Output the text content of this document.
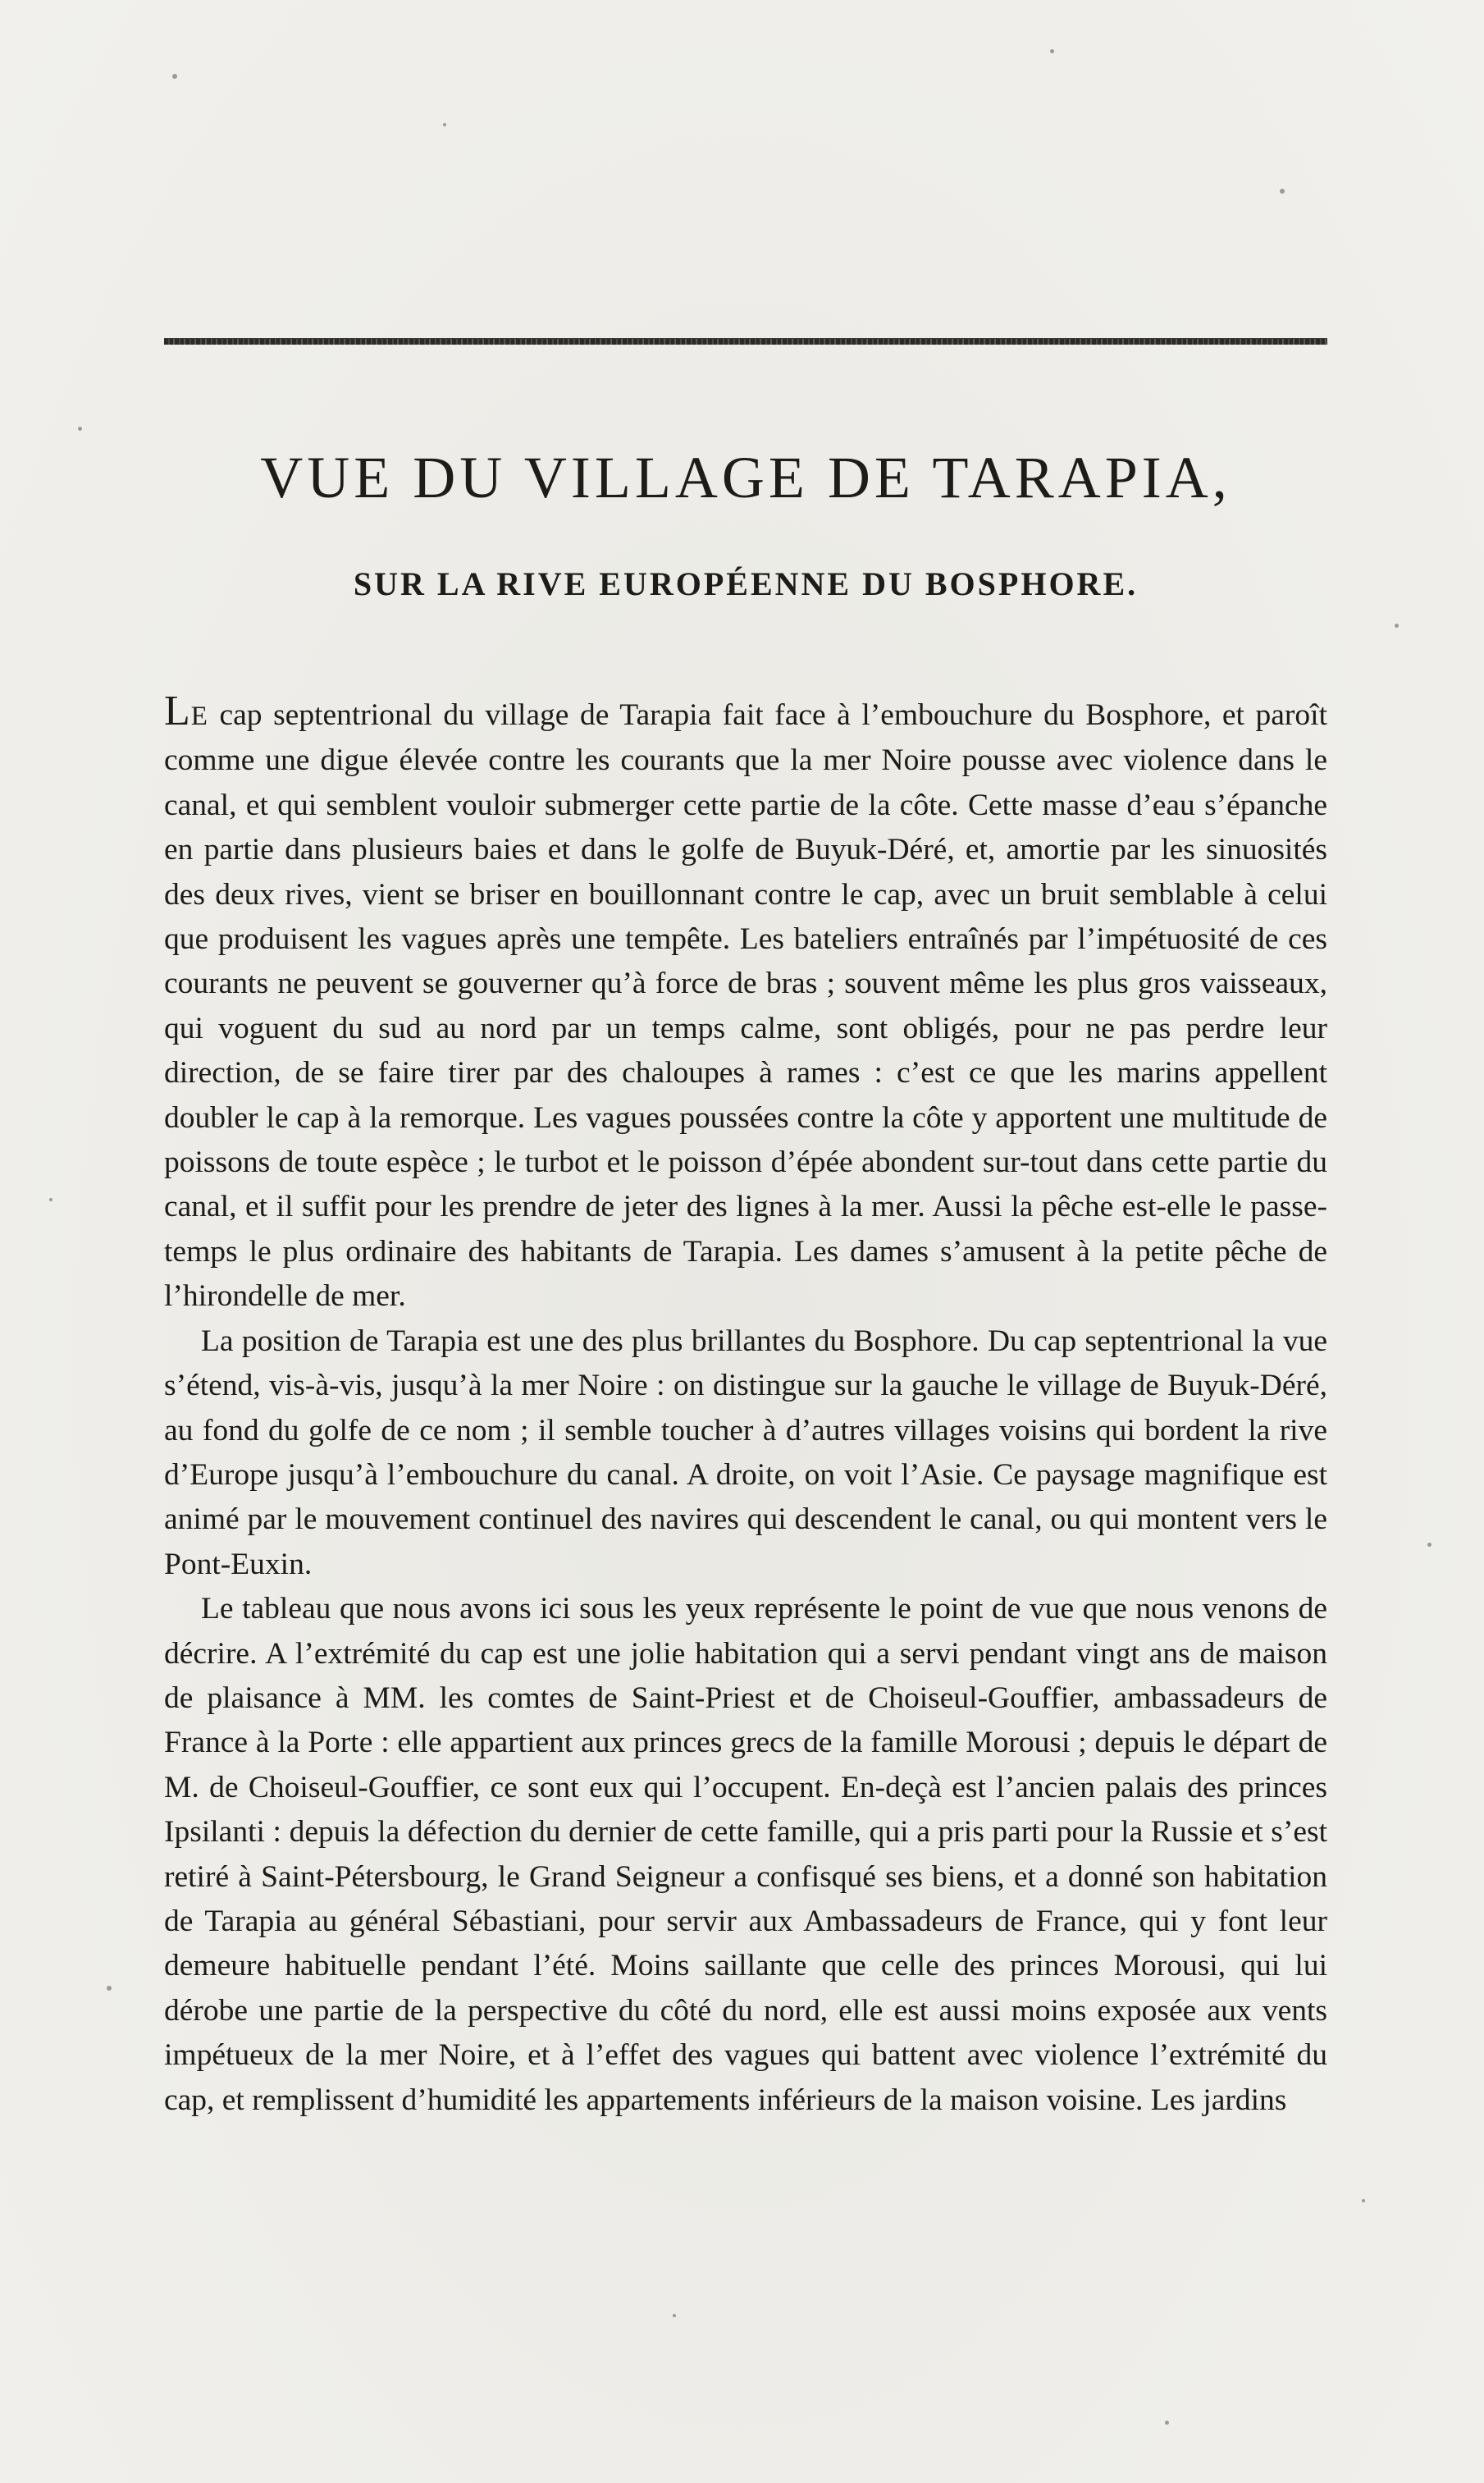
VUE DU VILLAGE DE TARAPIA,
SUR LA RIVE EUROPÉENNE DU BOSPHORE.

LE cap septentrional du village de Tarapia fait face à l’embouchure du Bosphore, et paroît comme une digue élevée contre les courants que la mer Noire pousse avec violence dans le canal, et qui semblent vouloir submerger cette partie de la côte. Cette masse d’eau s’épanche en partie dans plusieurs baies et dans le golfe de Buyuk-Déré, et, amortie par les sinuosités des deux rives, vient se briser en bouillonnant contre le cap, avec un bruit semblable à celui que produisent les vagues après une tempête. Les bateliers entraînés par l’impétuosité de ces courants ne peuvent se gouverner qu’à force de bras ; souvent même les plus gros vaisseaux, qui voguent du sud au nord par un temps calme, sont obligés, pour ne pas perdre leur direction, de se faire tirer par des chaloupes à rames : c’est ce que les marins appellent doubler le cap à la remorque. Les vagues poussées contre la côte y apportent une multitude de poissons de toute espèce ; le turbot et le poisson d’épée abondent sur-tout dans cette partie du canal, et il suffit pour les prendre de jeter des lignes à la mer. Aussi la pêche est-elle le passe-temps le plus ordinaire des habitants de Tarapia. Les dames s’amusent à la petite pêche de l’hirondelle de mer.

La position de Tarapia est une des plus brillantes du Bosphore. Du cap septentrional la vue s’étend, vis-à-vis, jusqu’à la mer Noire : on distingue sur la gauche le village de Buyuk-Déré, au fond du golfe de ce nom ; il semble toucher à d’autres villages voisins qui bordent la rive d’Europe jusqu’à l’embouchure du canal. A droite, on voit l’Asie. Ce paysage magnifique est animé par le mouvement continuel des navires qui descendent le canal, ou qui montent vers le Pont-Euxin.

Le tableau que nous avons ici sous les yeux représente le point de vue que nous venons de décrire. A l’extrémité du cap est une jolie habitation qui a servi pendant vingt ans de maison de plaisance à MM. les comtes de Saint-Priest et de Choiseul-Gouffier, ambassadeurs de France à la Porte : elle appartient aux princes grecs de la famille Morousi ; depuis le départ de M. de Choiseul-Gouffier, ce sont eux qui l’occupent. En-deçà est l’ancien palais des princes Ipsilanti : depuis la défection du dernier de cette famille, qui a pris parti pour la Russie et s’est retiré à Saint-Pétersbourg, le Grand Seigneur a confisqué ses biens, et a donné son habitation de Tarapia au général Sébastiani, pour servir aux Ambassadeurs de France, qui y font leur demeure habituelle pendant l’été. Moins saillante que celle des princes Morousi, qui lui dérobe une partie de la perspective du côté du nord, elle est aussi moins exposée aux vents impétueux de la mer Noire, et à l’effet des vagues qui battent avec violence l’extrémité du cap, et remplissent d’humidité les appartements inférieurs de la maison voisine. Les jardins
